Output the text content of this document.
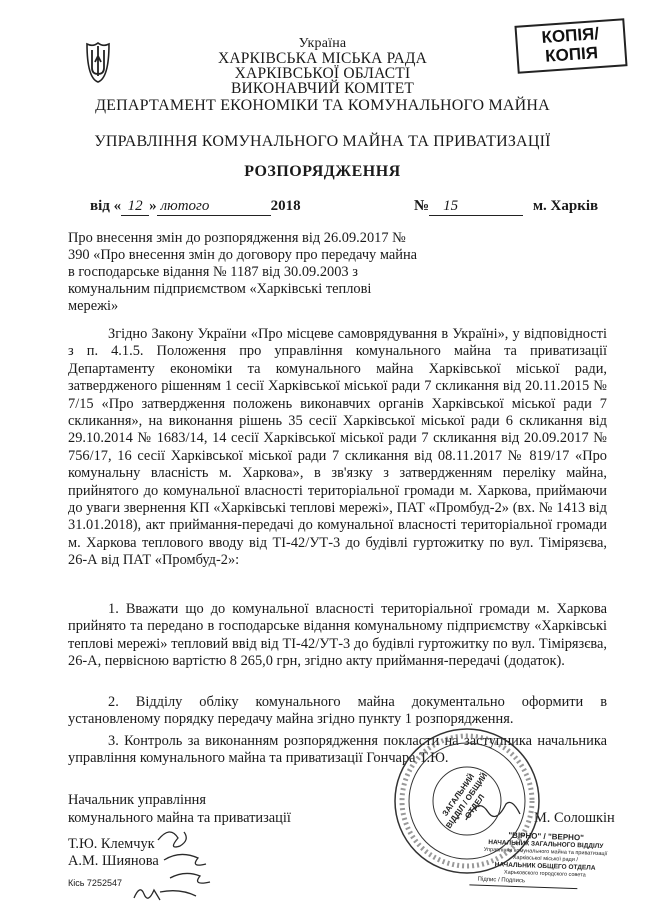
КОПІЯ/ КОПІЯ
Україна
ХАРКІВСЬКА МІСЬКА РАДА
ХАРКІВСЬКОЇ ОБЛАСТІ
ВИКОНАВЧИЙ КОМІТЕТ
ДЕПАРТАМЕНТ ЕКОНОМІКИ ТА КОМУНАЛЬНОГО МАЙНА
УПРАВЛІННЯ КОМУНАЛЬНОГО МАЙНА ТА ПРИВАТИЗАЦІЇ
РОЗПОРЯДЖЕННЯ
від « 12 » лютого	2018	№ 15	м. Харків

Про внесення змін до розпорядження від 26.09.2017 № 390 «Про внесення змін до договору про передачу майна в господарське відання № 1187 від 30.09.2003 з комунальним підприємством «Харківські теплові мережі»

Згідно Закону України «Про місцеве самоврядування в Україні», у відповідності з п. 4.1.5. Положення про управління комунального майна та приватизації Департаменту економіки та комунального майна Харківської міської ради, затвердженого рішенням 1 сесії Харківської міської ради 7 скликання від 20.11.2015 № 7/15 «Про затвердження положень виконавчих органів Харківської міської ради 7 скликання», на виконання рішень 35 сесії Харківської міської ради 6 скликання від 29.10.2014 № 1683/14, 14 сесії Харківської міської ради 7 скликання від 20.09.2017 № 756/17, 16 сесії Харківської міської ради 7 скликання від 08.11.2017 № 819/17 «Про комунальну власність м. Харкова», в зв'язку з затвердженням переліку майна, прийнятого до комунальної власності територіальної громади м. Харкова, приймаючи до уваги звернення КП «Харківські теплові мережі», ПАТ «Промбуд-2» (вх. № 1413 від 31.01.2018), акт приймання-передачі до комунальної власності територіальної громади м. Харкова теплового вводу від ТІ-42/УТ-3 до будівлі гуртожитку по вул. Тімірязєва, 26-А від ПАТ «Промбуд-2»:

1. Вважати що до комунальної власності територіальної громади м. Харкова прийнято та передано в господарське відання комунальному підприємству «Харківські теплові мережі» тепловий ввід від ТІ-42/УТ-3 до будівлі гуртожитку по вул. Тімірязєва, 26-А, первісною вартістю 8 265,0 грн, згідно акту приймання-передачі (додаток).

2. Відділу обліку комунального майна документально оформити в установленому порядку передачу майна згідно пункту 1 розпорядження.

3. Контроль за виконанням розпорядження покласти на заступника начальника управління комунального майна та приватизації Гончара Т.Ю.

Начальник управління
комунального майна та приватизації	М. Солошкін
Т.Ю. Клемчук
А.М. Шиянова
Кісь 7252547
ЗАГАЛЬНИЙ ВІДДІЛ / ОБЩИЙ ОТДЕЛ
"ВІРНО" / "ВЕРНО"
НАЧАЛЬНИК ЗАГАЛЬНОГО ВІДДІЛУ
Управління комунального майна та приватизації
Харківської міської ради /
НАЧАЛЬНИК ОБЩЕГО ОТДЕЛА
Харьковского городского совета
Підпис / Подпись
